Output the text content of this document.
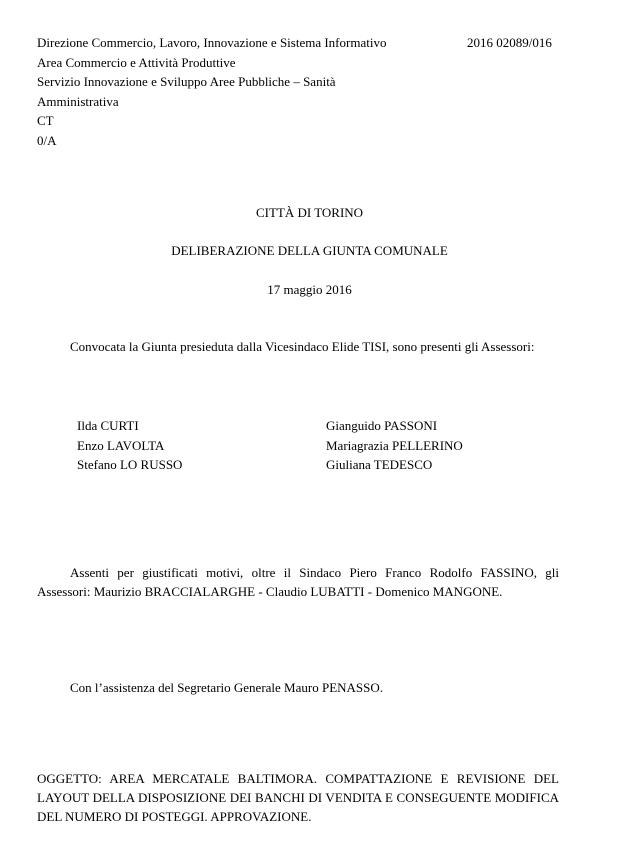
Direzione Commercio, Lavoro, Innovazione e Sistema Informativo
Area Commercio e Attività Produttive
Servizio Innovazione e Sviluppo Aree Pubbliche – Sanità
Amministrativa
CT
0/A
2016 02089/016
CITTÀ DI TORINO
DELIBERAZIONE DELLA GIUNTA COMUNALE
17 maggio 2016
Convocata la Giunta presieduta dalla Vicesindaco Elide TISI, sono presenti gli Assessori:
Ilda CURTI
Enzo LAVOLTA
Stefano LO RUSSO
Gianguido PASSONI
Mariagrazia PELLERINO
Giuliana TEDESCO
Assenti per giustificati motivi, oltre il Sindaco Piero Franco Rodolfo FASSINO, gli Assessori: Maurizio BRACCIALARGHE - Claudio LUBATTI - Domenico MANGONE.
Con l’assistenza del Segretario Generale Mauro PENASSO.
OGGETTO: AREA MERCATALE BALTIMORA. COMPATTAZIONE E REVISIONE DEL LAYOUT DELLA DISPOSIZIONE DEI BANCHI DI VENDITA E CONSEGUENTE MODIFICA DEL NUMERO DI POSTEGGI. APPROVAZIONE.
